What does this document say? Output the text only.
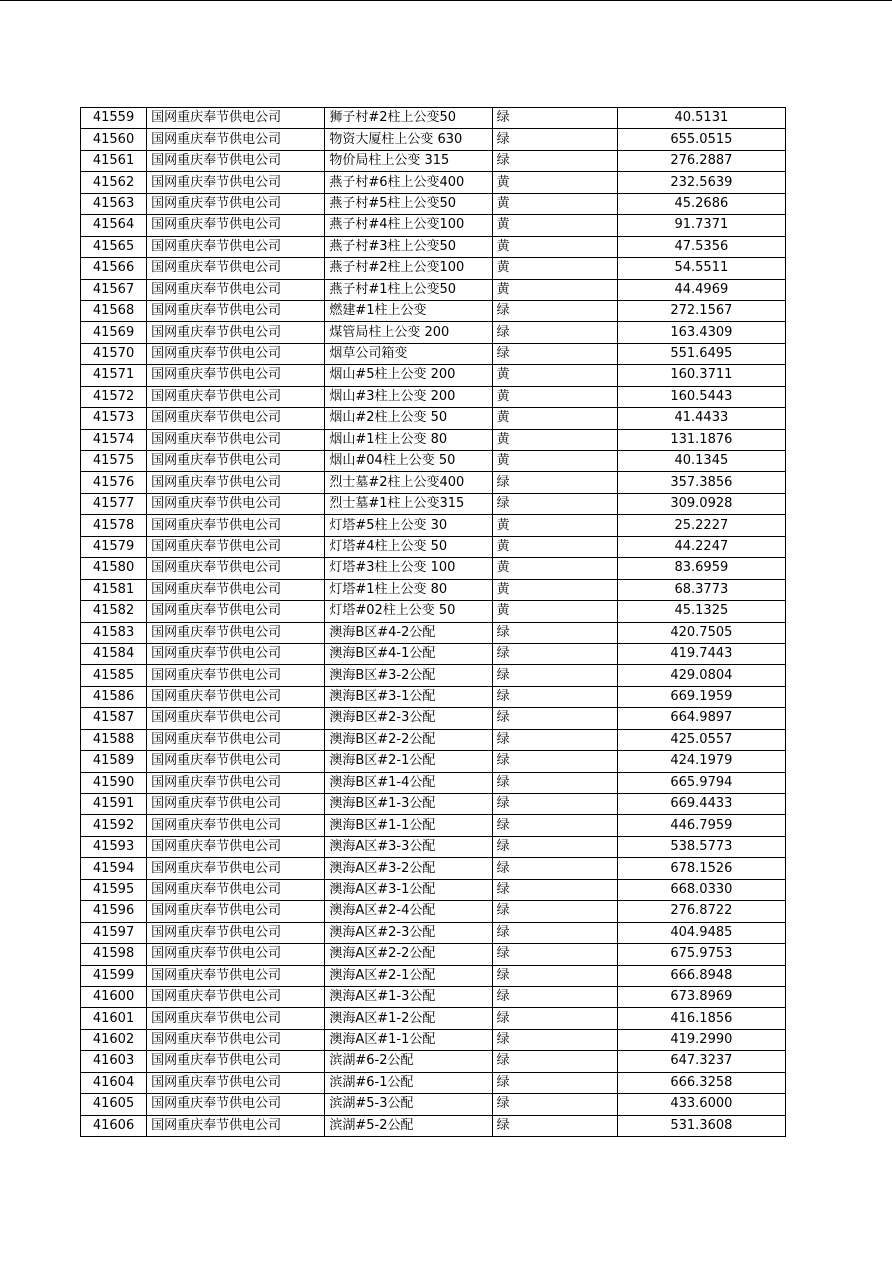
41559	国网重庆奉节供电公司	狮子村#2柱上公变50	绿	40.5131
41560	国网重庆奉节供电公司	物资大厦柱上公变 630	绿	655.0515
41561	国网重庆奉节供电公司	物价局柱上公变 315	绿	276.2887
41562	国网重庆奉节供电公司	燕子村#6柱上公变400	黄	232.5639
41563	国网重庆奉节供电公司	燕子村#5柱上公变50	黄	45.2686
41564	国网重庆奉节供电公司	燕子村#4柱上公变100	黄	91.7371
41565	国网重庆奉节供电公司	燕子村#3柱上公变50	黄	47.5356
41566	国网重庆奉节供电公司	燕子村#2柱上公变100	黄	54.5511
41567	国网重庆奉节供电公司	燕子村#1柱上公变50	黄	44.4969
41568	国网重庆奉节供电公司	燃建#1柱上公变	绿	272.1567
41569	国网重庆奉节供电公司	煤管局柱上公变 200	绿	163.4309
41570	国网重庆奉节供电公司	烟草公司箱变	绿	551.6495
41571	国网重庆奉节供电公司	烟山#5柱上公变 200	黄	160.3711
41572	国网重庆奉节供电公司	烟山#3柱上公变 200	黄	160.5443
41573	国网重庆奉节供电公司	烟山#2柱上公变 50	黄	41.4433
41574	国网重庆奉节供电公司	烟山#1柱上公变 80	黄	131.1876
41575	国网重庆奉节供电公司	烟山#04柱上公变 50	黄	40.1345
41576	国网重庆奉节供电公司	烈士墓#2柱上公变400	绿	357.3856
41577	国网重庆奉节供电公司	烈士墓#1柱上公变315	绿	309.0928
41578	国网重庆奉节供电公司	灯塔#5柱上公变 30	黄	25.2227
41579	国网重庆奉节供电公司	灯塔#4柱上公变 50	黄	44.2247
41580	国网重庆奉节供电公司	灯塔#3柱上公变 100	黄	83.6959
41581	国网重庆奉节供电公司	灯塔#1柱上公变 80	黄	68.3773
41582	国网重庆奉节供电公司	灯塔#02柱上公变 50	黄	45.1325
41583	国网重庆奉节供电公司	澳海B区#4-2公配	绿	420.7505
41584	国网重庆奉节供电公司	澳海B区#4-1公配	绿	419.7443
41585	国网重庆奉节供电公司	澳海B区#3-2公配	绿	429.0804
41586	国网重庆奉节供电公司	澳海B区#3-1公配	绿	669.1959
41587	国网重庆奉节供电公司	澳海B区#2-3公配	绿	664.9897
41588	国网重庆奉节供电公司	澳海B区#2-2公配	绿	425.0557
41589	国网重庆奉节供电公司	澳海B区#2-1公配	绿	424.1979
41590	国网重庆奉节供电公司	澳海B区#1-4公配	绿	665.9794
41591	国网重庆奉节供电公司	澳海B区#1-3公配	绿	669.4433
41592	国网重庆奉节供电公司	澳海B区#1-1公配	绿	446.7959
41593	国网重庆奉节供电公司	澳海A区#3-3公配	绿	538.5773
41594	国网重庆奉节供电公司	澳海A区#3-2公配	绿	678.1526
41595	国网重庆奉节供电公司	澳海A区#3-1公配	绿	668.0330
41596	国网重庆奉节供电公司	澳海A区#2-4公配	绿	276.8722
41597	国网重庆奉节供电公司	澳海A区#2-3公配	绿	404.9485
41598	国网重庆奉节供电公司	澳海A区#2-2公配	绿	675.9753
41599	国网重庆奉节供电公司	澳海A区#2-1公配	绿	666.8948
41600	国网重庆奉节供电公司	澳海A区#1-3公配	绿	673.8969
41601	国网重庆奉节供电公司	澳海A区#1-2公配	绿	416.1856
41602	国网重庆奉节供电公司	澳海A区#1-1公配	绿	419.2990
41603	国网重庆奉节供电公司	滨湖#6-2公配	绿	647.3237
41604	国网重庆奉节供电公司	滨湖#6-1公配	绿	666.3258
41605	国网重庆奉节供电公司	滨湖#5-3公配	绿	433.6000
41606	国网重庆奉节供电公司	滨湖#5-2公配	绿	531.3608
